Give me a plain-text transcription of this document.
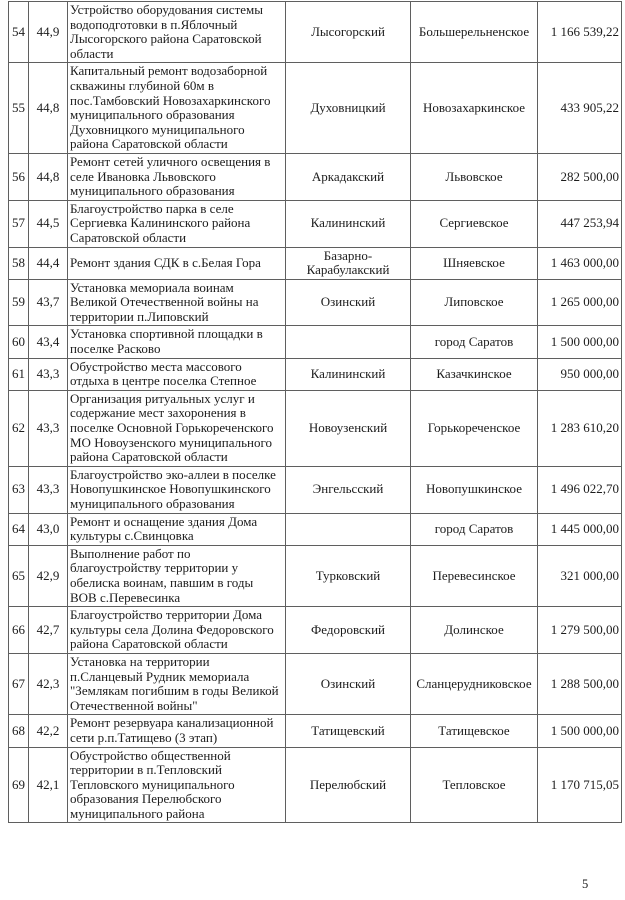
54	44,9	Устройство оборудования системы водоподготовки в п.Яблочный Лысогорского района Саратовской области	Лысогорский	Большерельненское	1 166 539,22
55	44,8	Капитальный ремонт водозаборной скважины глубиной 60м в пос.Тамбовский Новозахаркинского муниципального образования Духовницкого муниципального района Саратовской области	Духовницкий	Новозахаркинское	433 905,22
56	44,8	Ремонт сетей уличного освещения в селе Ивановка Львовского муниципального образования	Аркадакский	Львовское	282 500,00
57	44,5	Благоустройство парка в селе Сергиевка Калининского района Саратовской области	Калининский	Сергиевское	447 253,94
58	44,4	Ремонт здания СДК в с.Белая Гора	Базарно-Карабулакский	Шняевское	1 463 000,00
59	43,7	Установка мемориала воинам Великой Отечественной войны на территории п.Липовский	Озинский	Липовское	1 265 000,00
60	43,4	Установка спортивной площадки в поселке Расково		город Саратов	1 500 000,00
61	43,3	Обустройство места массового отдыха в центре поселка Степное	Калининский	Казачкинское	950 000,00
62	43,3	Организация ритуальных услуг и содержание мест захоронения в поселке Основной Горькореченского МО Новоузенского муниципального района Саратовской области	Новоузенский	Горькореченское	1 283 610,20
63	43,3	Благоустройство эко-аллеи в поселке Новопушкинское Новопушкинского муниципального образования	Энгельсский	Новопушкинское	1 496 022,70
64	43,0	Ремонт и оснащение здания Дома культуры с.Свинцовка		город Саратов	1 445 000,00
65	42,9	Выполнение работ по благоустройству территории у обелиска воинам, павшим в годы ВОВ с.Перевесинка	Турковский	Перевесинское	321 000,00
66	42,7	Благоустройство территории Дома культуры села Долина Федоровского района Саратовской области	Федоровский	Долинское	1 279 500,00
67	42,3	Установка на территории п.Сланцевый Рудник мемориала "Землякам погибшим в годы Великой Отечественной войны"	Озинский	Сланцерудниковское	1 288 500,00
68	42,2	Ремонт резервуара канализационной сети р.п.Татищево (3 этап)	Татищевский	Татищевское	1 500 000,00
69	42,1	Обустройство общественной территории в п.Тепловский Тепловского муниципального образования Перелюбского муниципального района	Перелюбский	Тепловское	1 170 715,05
5
